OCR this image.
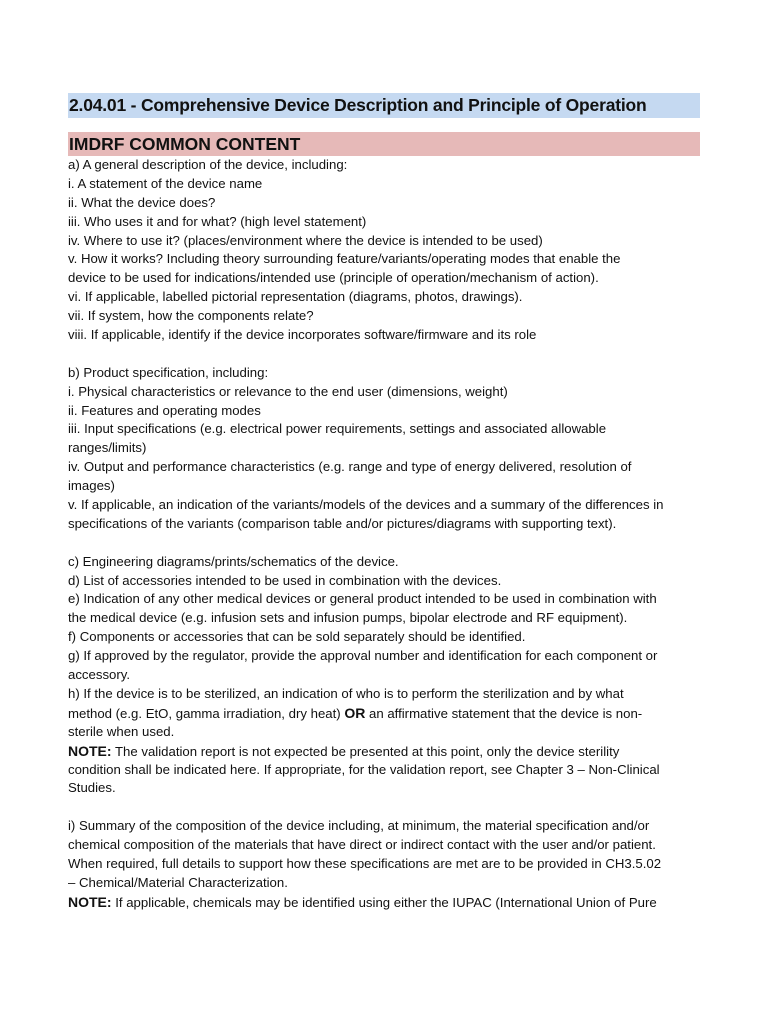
2.04.01 - Comprehensive Device Description and Principle of Operation
IMDRF COMMON CONTENT
a) A general description of the device, including:
i. A statement of the device name
ii. What the device does?
iii. Who uses it and for what? (high level statement)
iv. Where to use it? (places/environment where the device is intended to be used)
v. How it works? Including theory surrounding feature/variants/operating modes that enable the
device to be used for indications/intended use (principle of operation/mechanism of action).
vi. If applicable, labelled pictorial representation (diagrams, photos, drawings).
vii. If system, how the components relate?
viii. If applicable, identify if the device incorporates software/firmware and its role
b) Product specification, including:
i. Physical characteristics or relevance to the end user (dimensions, weight)
ii. Features and operating modes
iii. Input specifications (e.g. electrical power requirements, settings and associated allowable
ranges/limits)
iv. Output and performance characteristics (e.g. range and type of energy delivered, resolution of
images)
v. If applicable, an indication of the variants/models of the devices and a summary of the differences in
specifications of the variants (comparison table and/or pictures/diagrams with supporting text).
c) Engineering diagrams/prints/schematics of the device.
d) List of accessories intended to be used in combination with the devices.
e) Indication of any other medical devices or general product intended to be used in combination with
the medical device (e.g. infusion sets and infusion pumps, bipolar electrode and RF equipment).
f) Components or accessories that can be sold separately should be identified.
g) If approved by the regulator, provide the approval number and identification for each component or
accessory.
h) If the device is to be sterilized, an indication of who is to perform the sterilization and by what
method (e.g. EtO, gamma irradiation, dry heat) OR an affirmative statement that the device is non-
sterile when used.
NOTE: The validation report is not expected be presented at this point, only the device sterility
condition shall be indicated here. If appropriate, for the validation report, see Chapter 3 – Non-Clinical
Studies.
i) Summary of the composition of the device including, at minimum, the material specification and/or
chemical composition of the materials that have direct or indirect contact with the user and/or patient.
When required, full details to support how these specifications are met are to be provided in CH3.5.02
– Chemical/Material Characterization.
NOTE: If applicable, chemicals may be identified using either the IUPAC (International Union of Pure
